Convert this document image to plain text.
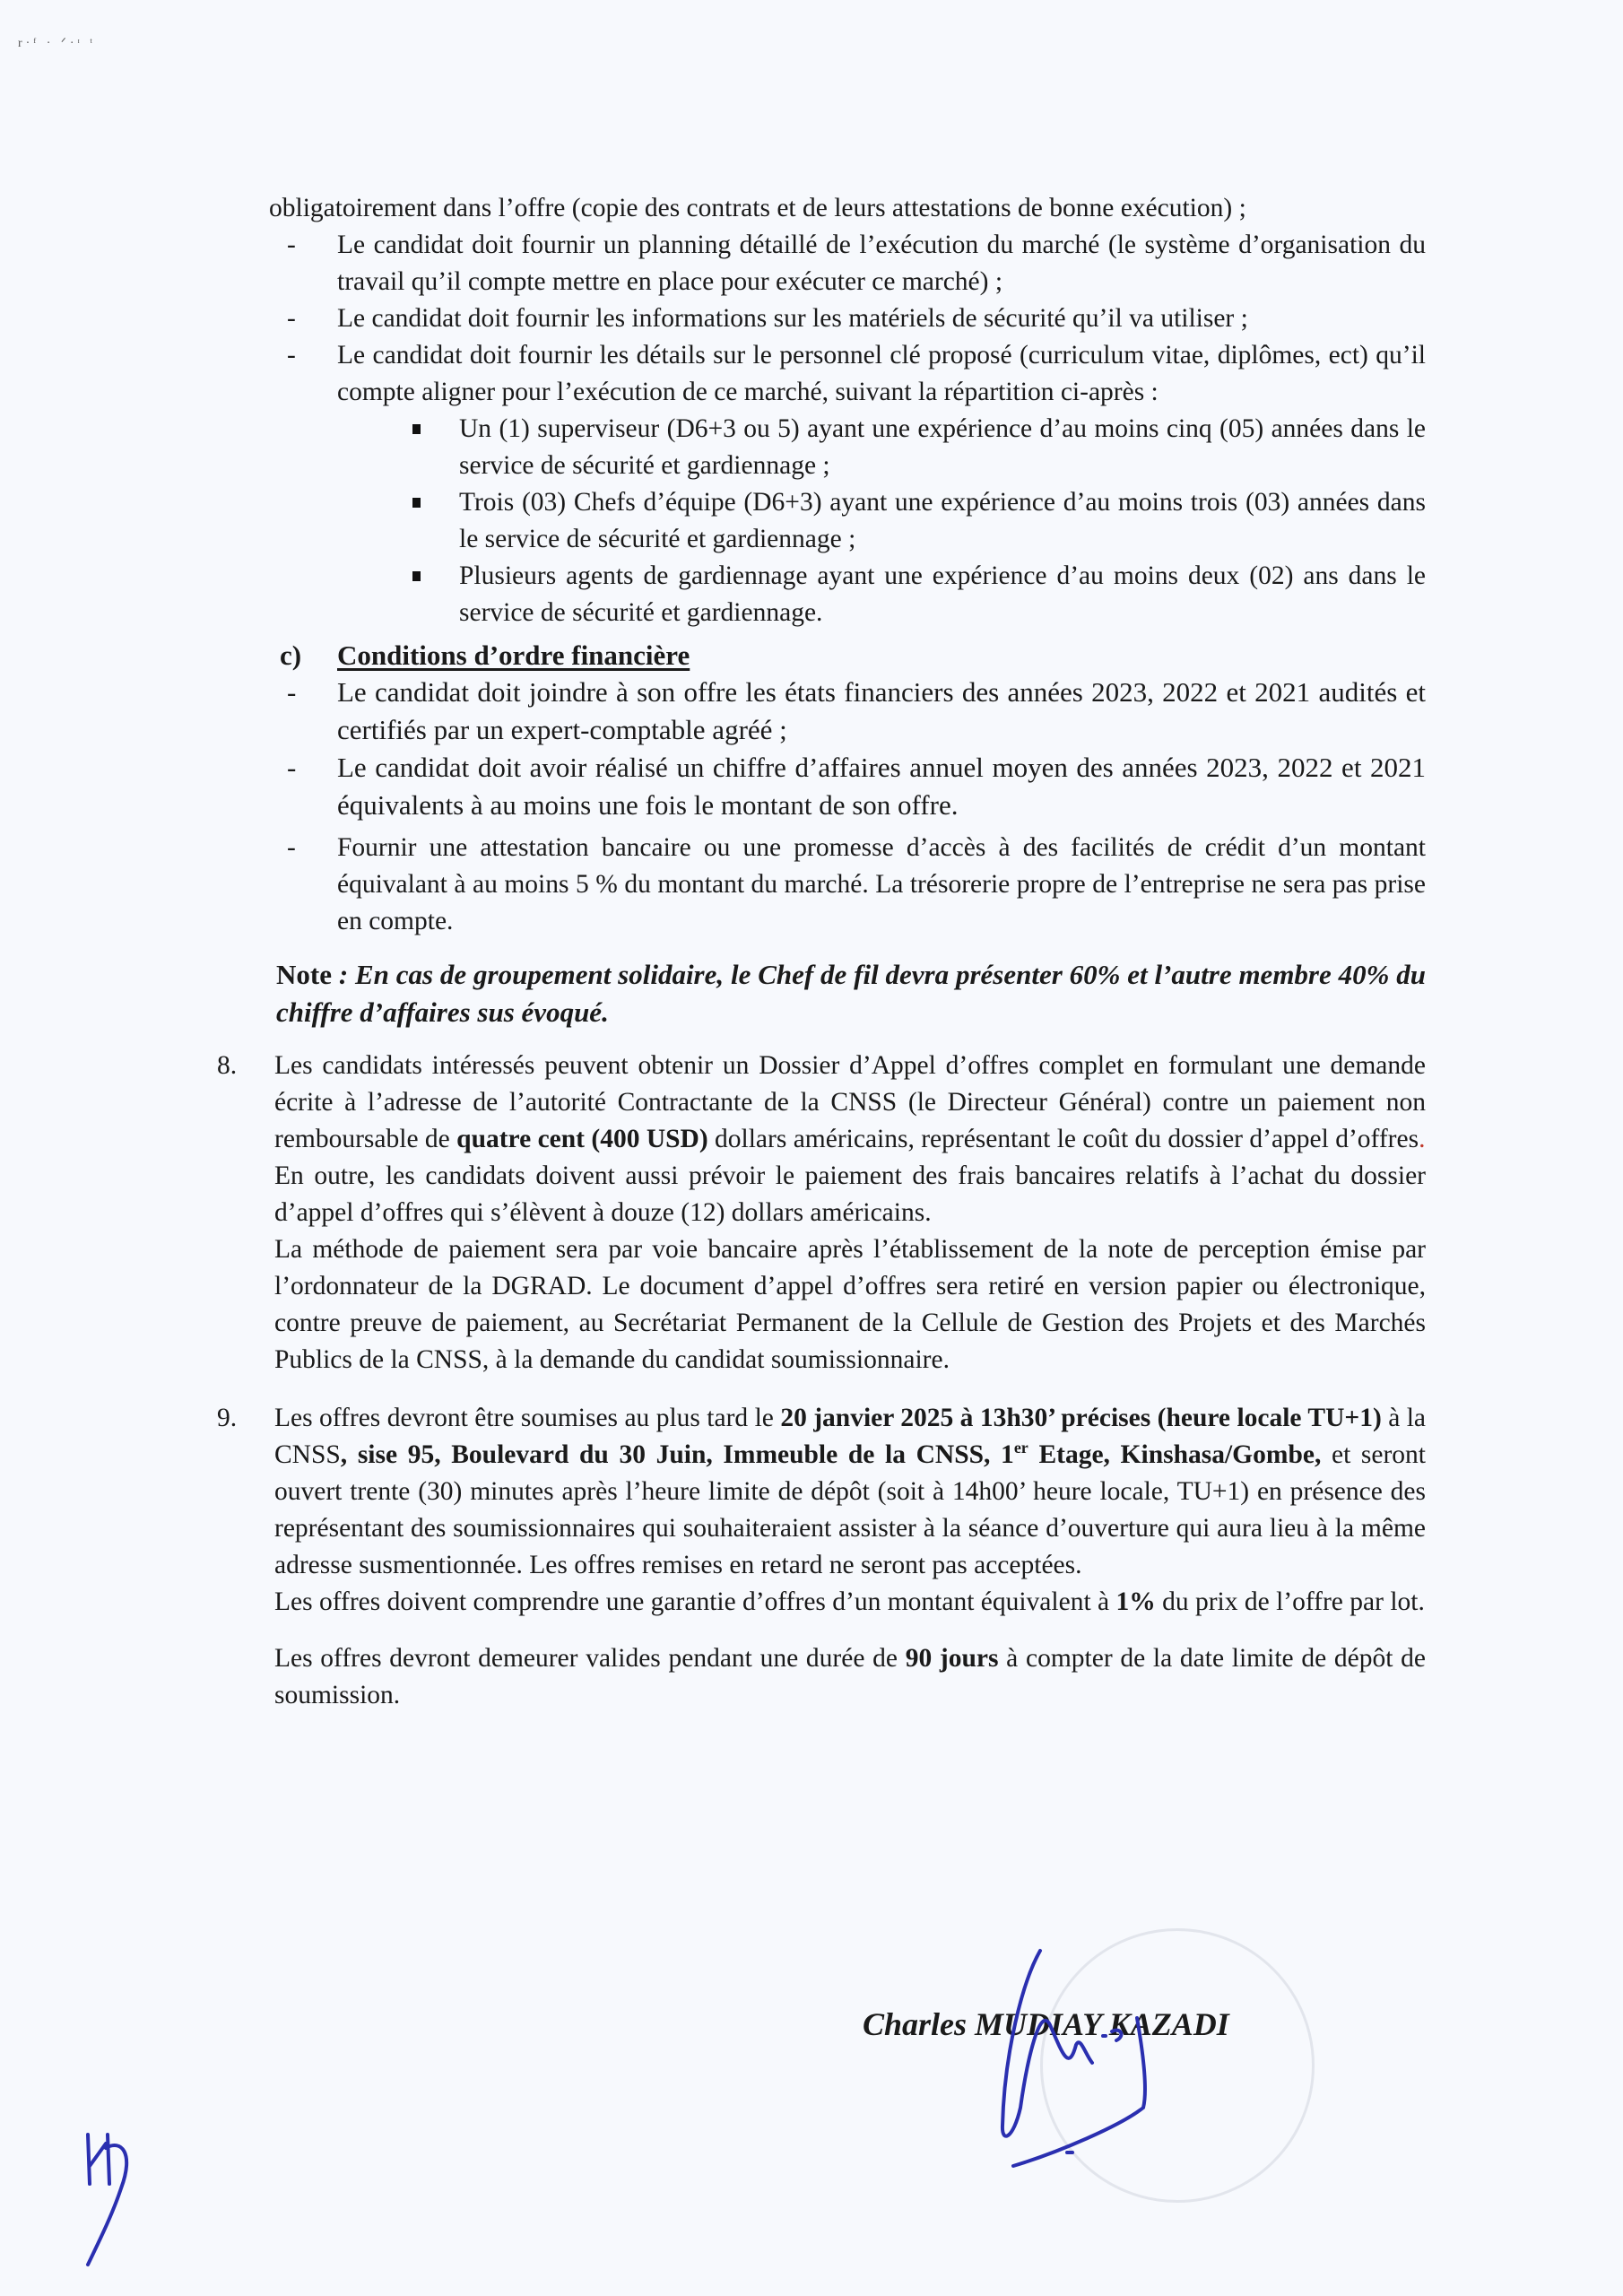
r·ᶠ · ᐟ·ᶦ ᵗ

obligatoirement dans l’offre (copie des contrats et de leurs attestations de bonne exécution) ;

- Le candidat doit fournir un planning détaillé de l’exécution du marché (le système d’organisation du travail qu’il compte mettre en place pour exécuter ce marché) ;
- Le candidat doit fournir les informations sur les matériels de sécurité qu’il va utiliser ;
- Le candidat doit fournir les détails sur le personnel clé proposé (curriculum vitae, diplômes, ect) qu’il compte aligner pour l’exécution de ce marché, suivant la répartition ci-après :
Un (1) superviseur (D6+3 ou 5) ayant une expérience d’au moins cinq (05) années dans le service de sécurité et gardiennage ;
Trois (03) Chefs d’équipe (D6+3) ayant une expérience d’au moins trois (03) années dans le service de sécurité et gardiennage ;
Plusieurs agents de gardiennage ayant une expérience d’au moins deux (02) ans dans le service de sécurité et gardiennage.
c) Conditions d’ordre financière
- Le candidat doit joindre à son offre les états financiers des années 2023, 2022 et 2021 audités et certifiés par un expert-comptable agréé ;
- Le candidat doit avoir réalisé un chiffre d’affaires annuel moyen des années 2023, 2022 et 2021 équivalents à au moins une fois le montant de son offre.
- Fournir une attestation bancaire ou une promesse d’accès à des facilités de crédit d’un montant équivalant à au moins 5 % du montant du marché. La trésorerie propre de l’entreprise ne sera pas prise en compte.

Note : En cas de groupement solidaire, le Chef de fil devra présenter 60% et l’autre membre 40% du chiffre d’affaires sus évoqué.

8. Les candidats intéressés peuvent obtenir un Dossier d’Appel d’offres complet en formulant une demande écrite à l’adresse de l’autorité Contractante de la CNSS (le Directeur Général) contre un paiement non remboursable de quatre cent (400 USD) dollars américains, représentant le coût du dossier d’appel d’offres.

En outre, les candidats doivent aussi prévoir le paiement des frais bancaires relatifs à l’achat du dossier d’appel d’offres qui s’élèvent à douze (12) dollars américains.

La méthode de paiement sera par voie bancaire après l’établissement de la note de perception émise par l’ordonnateur de la DGRAD. Le document d’appel d’offres sera retiré en version papier ou électronique, contre preuve de paiement, au Secrétariat Permanent de la Cellule de Gestion des Projets et des Marchés Publics de la CNSS, à la demande du candidat soumissionnaire.

9. Les offres devront être soumises au plus tard le 20 janvier 2025 à 13h30’ précises (heure locale TU+1) à la CNSS, sise 95, Boulevard du 30 Juin, Immeuble de la CNSS, 1er Etage, Kinshasa/Gombe, et seront ouvert trente (30) minutes après l’heure limite de dépôt (soit à 14h00’ heure locale, TU+1) en présence des représentant des soumissionnaires qui souhaiteraient assister à la séance d’ouverture qui aura lieu à la même adresse susmentionnée. Les offres remises en retard ne seront pas acceptées.

Les offres doivent comprendre une garantie d’offres d’un montant équivalent à 1% du prix de l’offre par lot.

Les offres devront demeurer valides pendant une durée de 90 jours à compter de la date limite de dépôt de soumission.

Charles MUDIAY KAZADI
